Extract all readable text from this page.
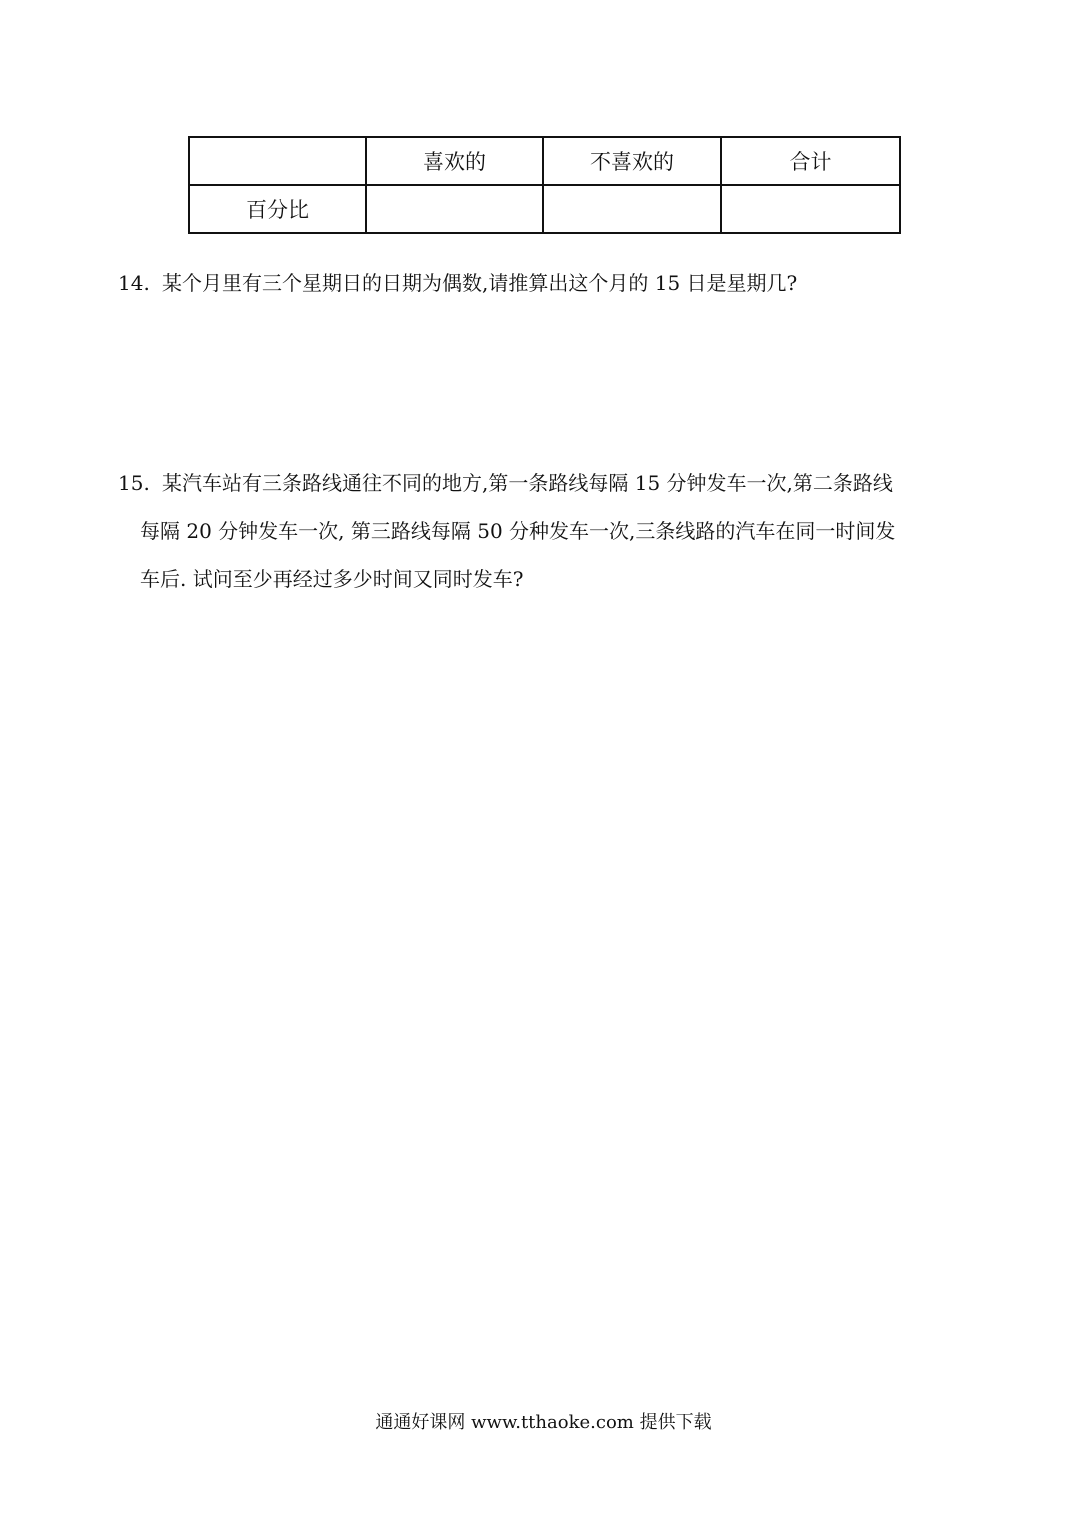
	喜欢的	不喜欢的	合计
百分比			
14. 某个月里有三个星期日的日期为偶数,请推算出这个月的 15 日是星期几?
15. 某汽车站有三条路线通往不同的地方,第一条路线每隔 15 分钟发车一次,第二条路线
每隔 20 分钟发车一次, 第三路线每隔 50 分种发车一次,三条线路的汽车在同一时间发
车后. 试问至少再经过多少时间又同时发车?
通通好课网 www.tthaoke.com 提供下载
